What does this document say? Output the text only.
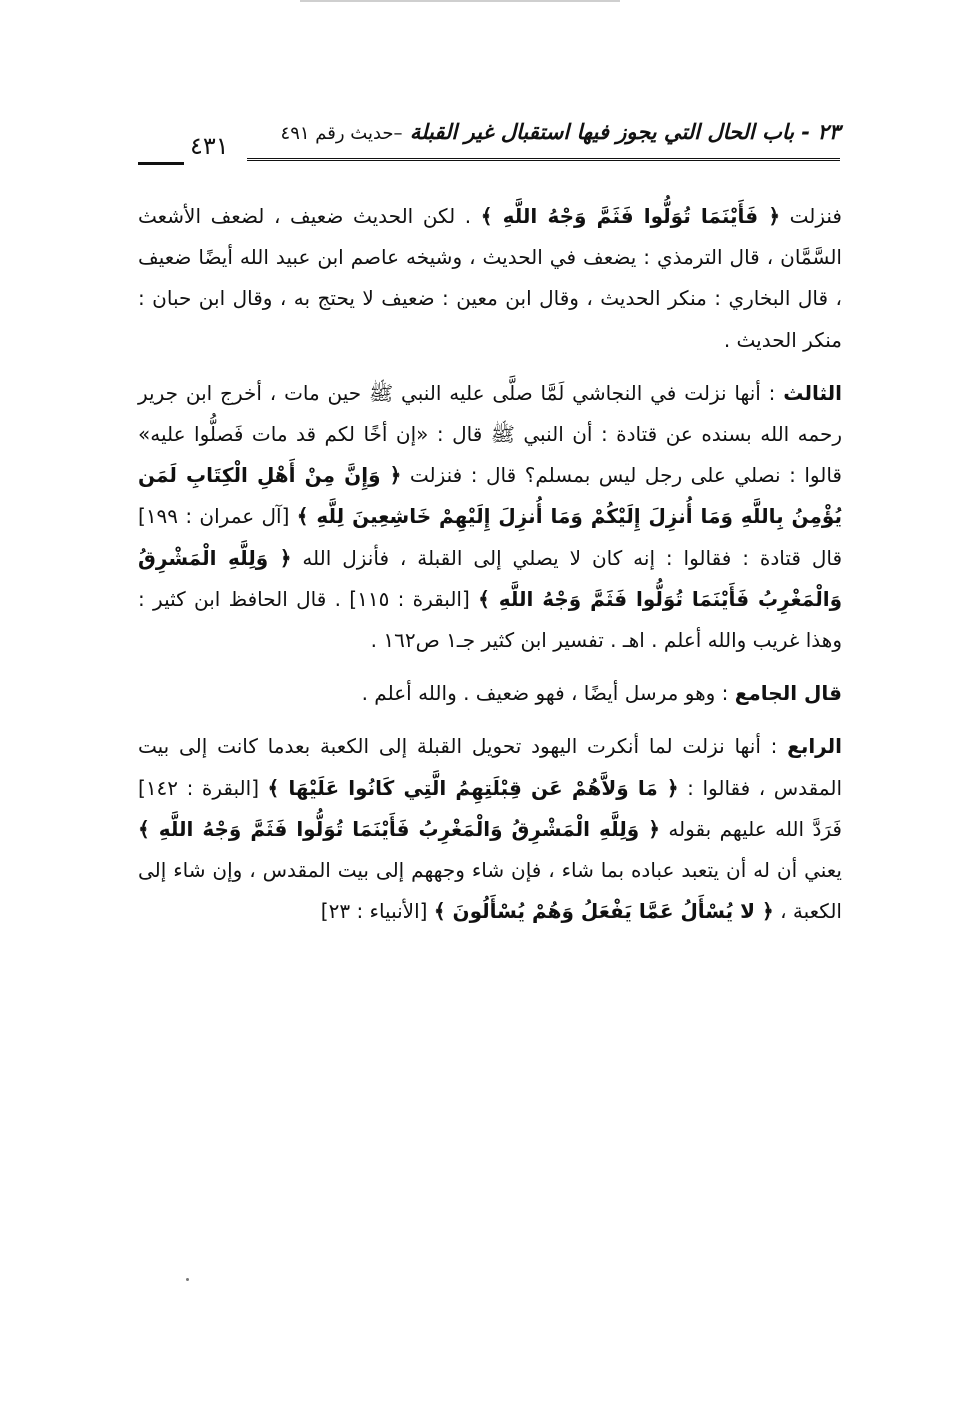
٢٣ - باب الحال التي يجوز فيها استقبال غير القبلة –حديث رقم ٤٩١
٤٣١

فنزلت ﴿ فَأَيْنَمَا تُوَلُّوا فَثَمَّ وَجْهُ اللَّهِ ﴾ . لكن الحديث ضعيف ، لضعف الأشعث السَّمَّان ، قال الترمذي : يضعف في الحديث ، وشيخه عاصم ابن عبيد الله أيضًا ضعيف ، قال البخاري : منكر الحديث ، وقال ابن معين : ضعيف لا يحتج به ، وقال ابن حبان : منكر الحديث .

الثالث : أنها نزلت في النجاشي لَمَّا صلَّى عليه النبي ﷺ حين مات ، أخرج ابن جرير رحمه الله بسنده عن قتادة : أن النبي ﷺ قال : «إن أخًا لكم قد مات فَصلُّوا عليه» قالوا : نصلي على رجل ليس بمسلم؟ قال : فنزلت ﴿ وَإِنَّ مِنْ أَهْلِ الْكِتَابِ لَمَن يُؤْمِنُ بِاللَّهِ وَمَا أُنزِلَ إِلَيْكُمْ وَمَا أُنزِلَ إِلَيْهِمْ خَاشِعِينَ لِلَّهِ ﴾ [آل عمران : ١٩٩] قال قتادة : فقالوا : إنه كان لا يصلي إلى القبلة ، فأنزل الله ﴿ وَلِلَّهِ الْمَشْرِقُ وَالْمَغْرِبُ فَأَيْنَمَا تُوَلُّوا فَثَمَّ وَجْهُ اللَّهِ ﴾ [البقرة : ١١٥] . قال الحافظ ابن كثير : وهذا غريب والله أعلم . اهـ . تفسير ابن كثير جـ١ ص١٦٢ .

قال الجامع : وهو مرسل أيضًا ، فهو ضعيف . والله أعلم .

الرابع : أنها نزلت لما أنكرت اليهود تحويل القبلة إلى الكعبة بعدما كانت إلى بيت المقدس ، فقالوا : ﴿ مَا وَلاَّهُمْ عَن قِبْلَتِهِمُ الَّتِي كَانُوا عَلَيْهَا ﴾ [البقرة : ١٤٢] فَرَدَّ الله عليهم بقوله ﴿ وَلِلَّهِ الْمَشْرِقُ وَالْمَغْرِبُ فَأَيْنَمَا تُوَلُّوا فَثَمَّ وَجْهُ اللَّهِ ﴾ يعني أن له أن يتعبد عباده بما شاء ، فإن شاء وجههم إلى بيت المقدس ، وإن شاء إلى الكعبة ، ﴿ لا يُسْأَلُ عَمَّا يَفْعَلُ وَهُمْ يُسْأَلُونَ ﴾ [الأنبياء : ٢٣]
